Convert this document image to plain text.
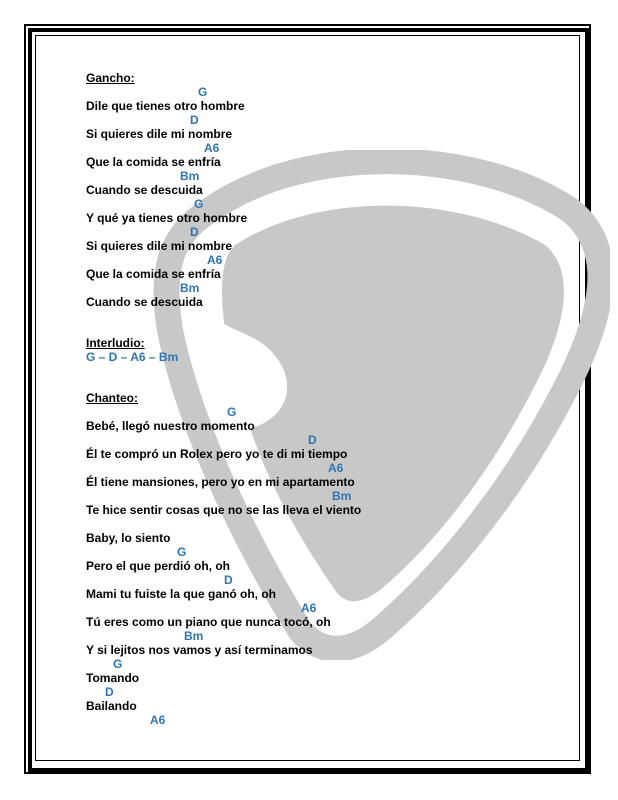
Gancho:
G
Dile que tienes otro hombre
D
Si quieres dile mi nombre
A6
Que la comida se enfría
Bm
Cuando se descuida
G
Y qué ya tienes otro hombre
D
Si quieres dile mi nombre
A6
Que la comida se enfría
Bm
Cuando se descuida
Interludio:
G – D – A6 – Bm
Chanteo:
G
Bebé, llegó nuestro momento
D
Él te compró un Rolex pero yo te di mi tiempo
A6
Él tiene mansiones, pero yo en mi apartamento
Bm
Te hice sentir cosas que no se las lleva el viento
Baby, lo siento
G
Pero el que perdió oh, oh
D
Mami tu fuiste la que ganó oh, oh
A6
Tú eres como un piano que nunca tocó, oh
Bm
Y si lejitos nos vamos y así terminamos
G
Tomando
D
Bailando
A6
